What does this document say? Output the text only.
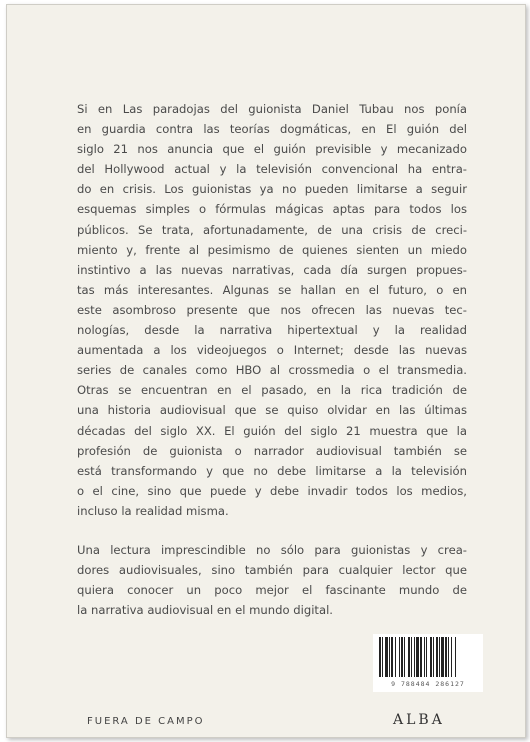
Si en Las paradojas del guionista Daniel Tubau nos ponía
en guardia contra las teorías dogmáticas, en El guión del
siglo 21 nos anuncia que el guión previsible y mecanizado
del Hollywood actual y la televisión convencional ha entra-
do en crisis. Los guionistas ya no pueden limitarse a seguir
esquemas simples o fórmulas mágicas aptas para todos los
públicos. Se trata, afortunadamente, de una crisis de creci-
miento y, frente al pesimismo de quienes sienten un miedo
instintivo a las nuevas narrativas, cada día surgen propues-
tas más interesantes. Algunas se hallan en el futuro, o en
este asombroso presente que nos ofrecen las nuevas tec-
nologías, desde la narrativa hipertextual y la realidad
aumentada a los videojuegos o Internet; desde las nuevas
series de canales como HBO al crossmedia o el transmedia.
Otras se encuentran en el pasado, en la rica tradición de
una historia audiovisual que se quiso olvidar en las últimas
décadas del siglo XX. El guión del siglo 21 muestra que la
profesión de guionista o narrador audiovisual también se
está transformando y que no debe limitarse a la televisión
o el cine, sino que puede y debe invadir todos los medios,
incluso la realidad misma.
Una lectura imprescindible no sólo para guionistas y crea-
dores audiovisuales, sino también para cualquier lector que
quiera conocer un poco mejor el fascinante mundo de
la narrativa audiovisual en el mundo digital.
9 788484 286127
FUERA DE CAMPO	ALBA
